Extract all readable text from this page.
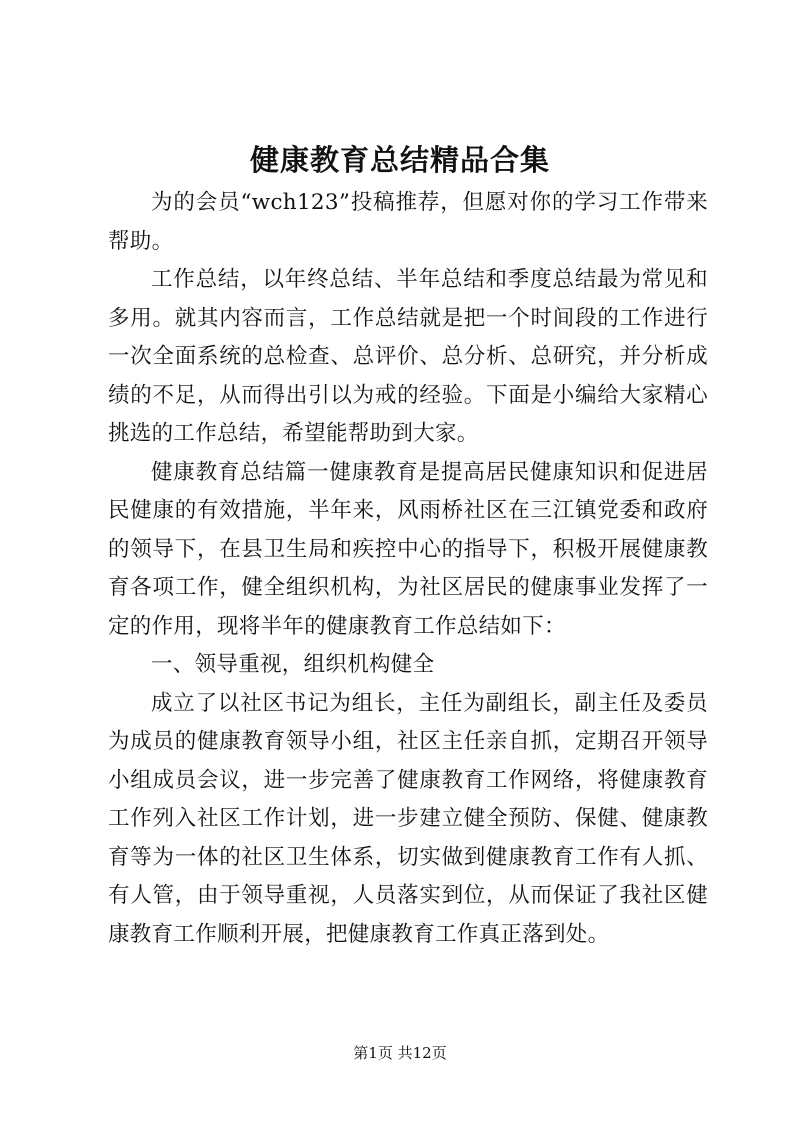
健康教育总结精品合集

为的会员“wch123”投稿推荐，但愿对你的学习工作带来帮助。

工作总结，以年终总结、半年总结和季度总结最为常见和多用。就其内容而言，工作总结就是把一个时间段的工作进行一次全面系统的总检查、总评价、总分析、总研究，并分析成绩的不足，从而得出引以为戒的经验。下面是小编给大家精心挑选的工作总结，希望能帮助到大家。

健康教育总结篇一健康教育是提高居民健康知识和促进居民健康的有效措施，半年来，风雨桥社区在三江镇党委和政府的领导下，在县卫生局和疾控中心的指导下，积极开展健康教育各项工作，健全组织机构，为社区居民的健康事业发挥了一定的作用，现将半年的健康教育工作总结如下：

一、领导重视，组织机构健全

成立了以社区书记为组长，主任为副组长，副主任及委员为成员的健康教育领导小组，社区主任亲自抓，定期召开领导小组成员会议，进一步完善了健康教育工作网络，将健康教育工作列入社区工作计划，进一步建立健全预防、保健、健康教育等为一体的社区卫生体系，切实做到健康教育工作有人抓、有人管，由于领导重视，人员落实到位，从而保证了我社区健康教育工作顺利开展，把健康教育工作真正落到处。

第1页 共12页
